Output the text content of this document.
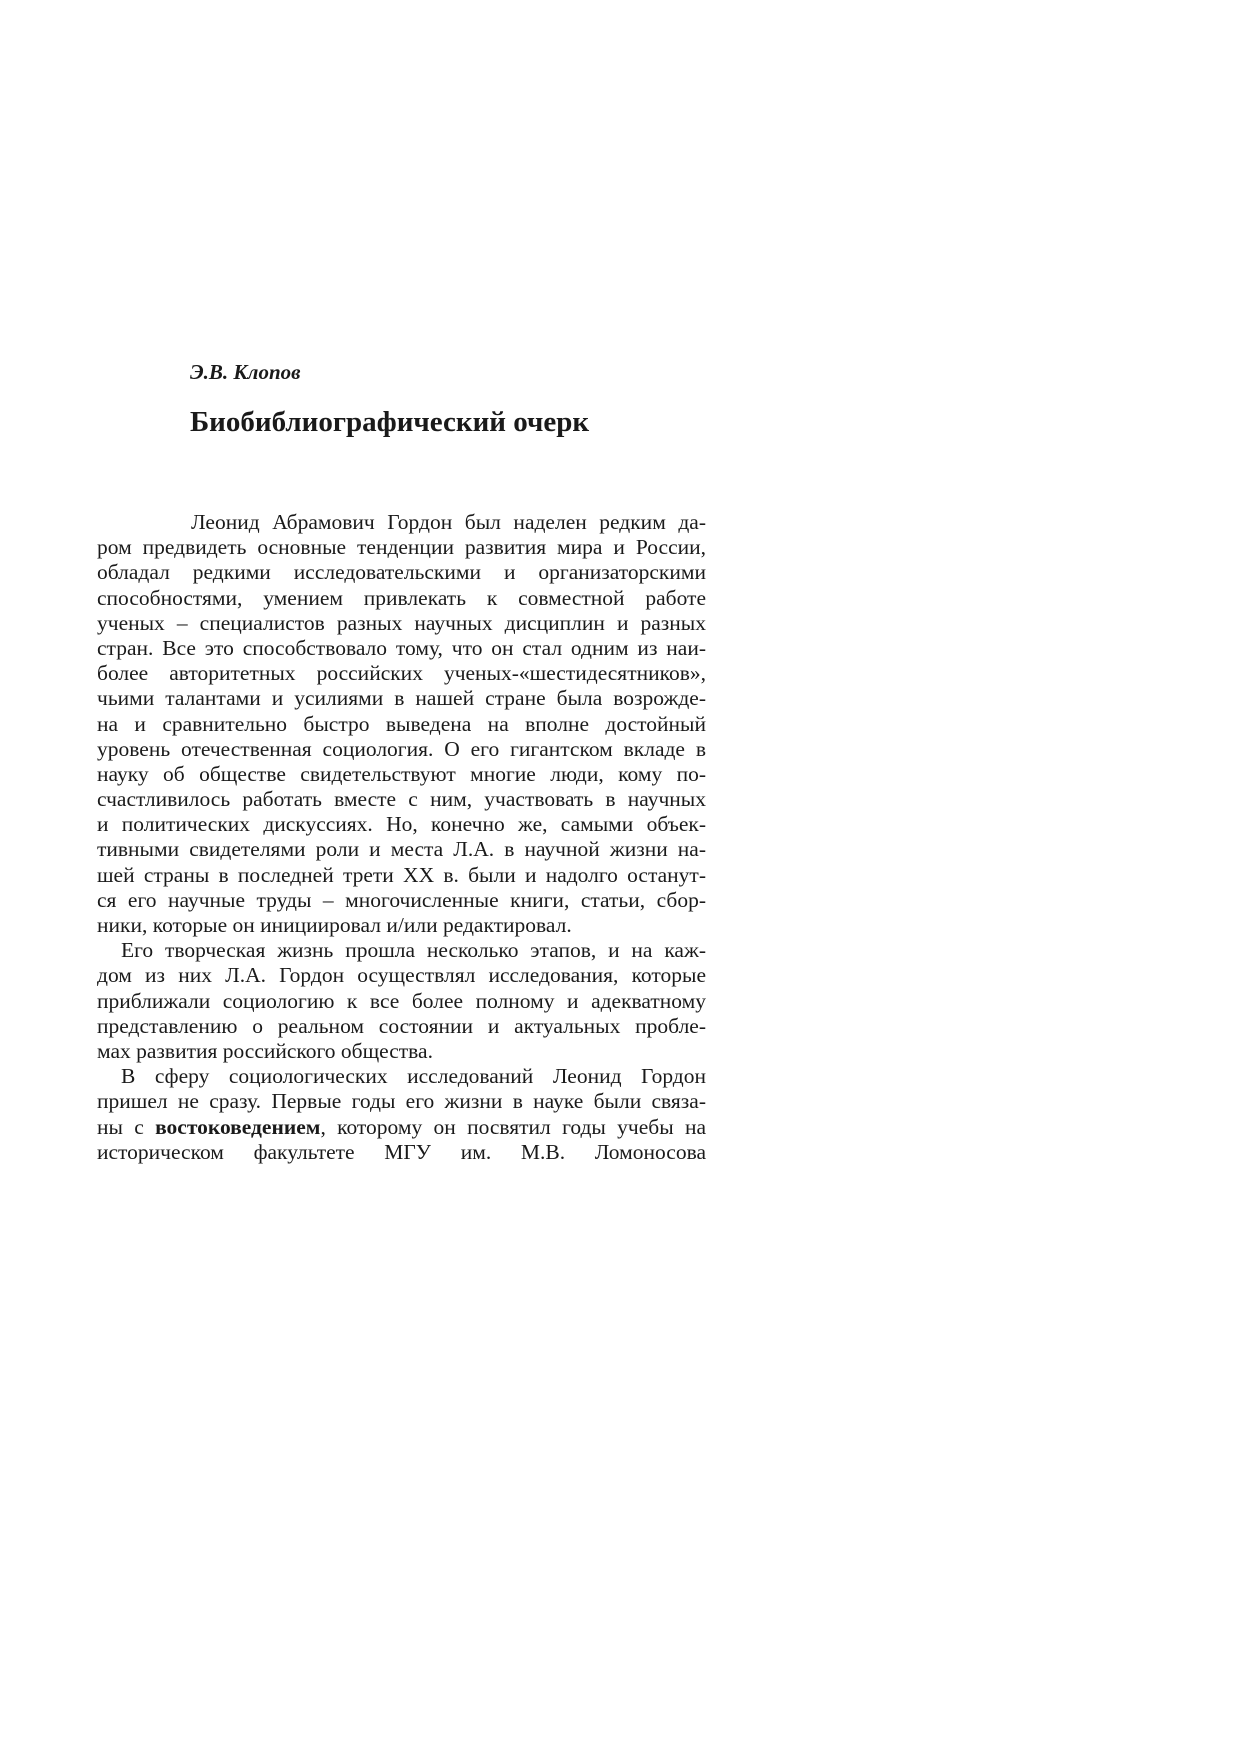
Э.В. Клопов

Биобиблиографический очерк
Леонид Абрамович Гордон был наделен редким да-
ром предвидеть основные тенденции развития мира и России,
обладал редкими исследовательскими и организаторскими
способностями, умением привлекать к совместной работе
ученых – специалистов разных научных дисциплин и разных
стран. Все это способствовало тому, что он стал одним из наи-
более авторитетных российских ученых-«шестидесятников»,
чьими талантами и усилиями в нашей стране была возрожде-
на и сравнительно быстро выведена на вполне достойный
уровень отечественная социология. О его гигантском вкладе в
науку об обществе свидетельствуют многие люди, кому по-
счастливилось работать вместе с ним, участвовать в научных
и политических дискуссиях. Но, конечно же, самыми объек-
тивными свидетелями роли и места Л.А. в научной жизни на-
шей страны в последней трети XX в. были и надолго останут-
ся его научные труды – многочисленные книги, статьи, сбор-
ники, которые он инициировал и/или редактировал.
Его творческая жизнь прошла несколько этапов, и на каж-
дом из них Л.А. Гордон осуществлял исследования, которые
приближали социологию к все более полному и адекватному
представлению о реальном состоянии и актуальных пробле-
мах развития российского общества.
В сферу социологических исследований Леонид Гордон
пришел не сразу. Первые годы его жизни в науке были связа-
ны с востоковедением, которому он посвятил годы учебы на
историческом факультете МГУ им. М.В. Ломоносова
